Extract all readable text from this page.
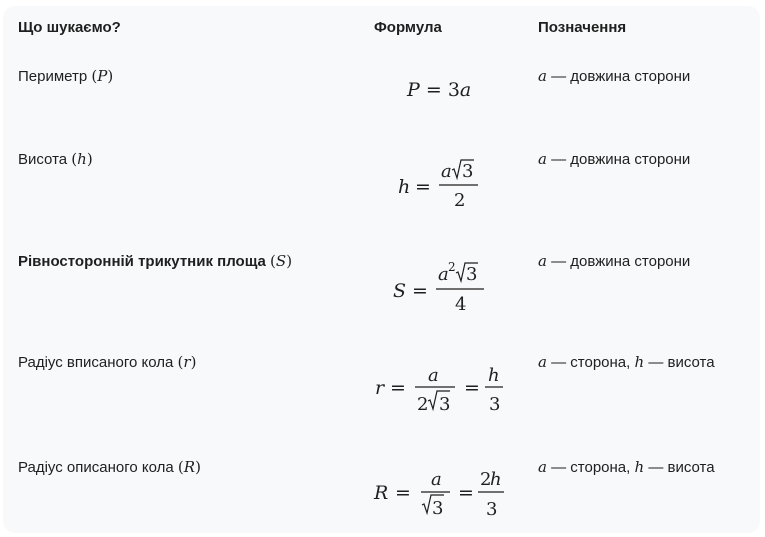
Що шукаємо?	Формула	Позначення
Периметр (P)
P = 3a
a — довжина сторони
Висота (h)
h =
a 3
2
a — довжина сторони
Рівносторонній трикутник площа (S)
S =
a 2 3
4
a — довжина сторони
Радіус вписаного кола (r)
r =
a
2 3
=
h
3
a — сторона, h — висота
Радіус описаного кола (R)
R =
a
3
=
2
h
3
a — сторона, h — висота
